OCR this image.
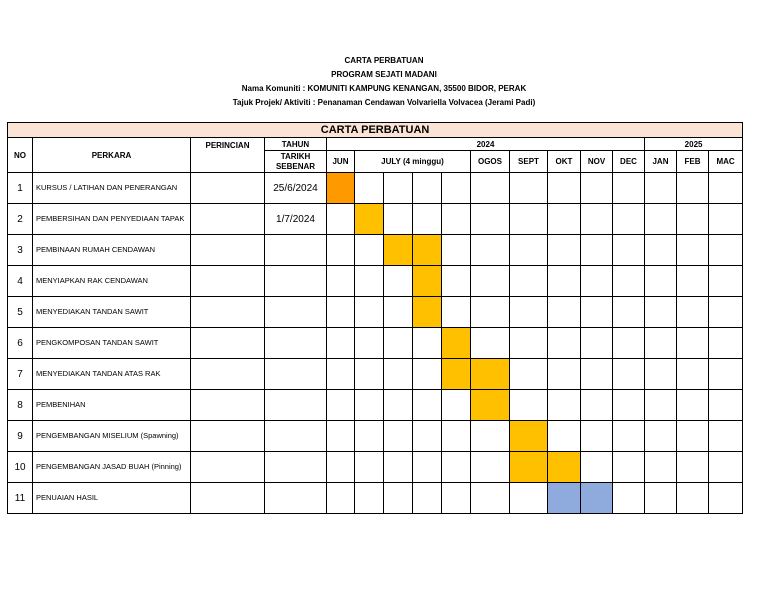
CARTA PERBATUAN
PROGRAM SEJATI MADANI
Nama Komuniti : KOMUNITI KAMPUNG KENANGAN, 35500 BIDOR, PERAK
Tajuk Projek/ Aktiviti : Penanaman Cendawan Volvariella Volvacea (Jerami Padi)
CARTA PERBATUAN																
NO	PERKARA	PERINCIAN	TAHUN	2024										2025		
			TARIKH SEBENAR	JUN	JULY (4 minggu)				OGOS	SEPT	OKT	NOV	DEC	JAN	FEB	MAC
1	KURSUS / LATIHAN DAN PENERANGAN		25/6/2024													
2	PEMBERSIHAN DAN PENYEDIAAN TAPAK		1/7/2024													
3	PEMBINAAN RUMAH CENDAWAN															
4	MENYIAPKAN RAK CENDAWAN															
5	MENYEDIAKAN TANDAN SAWIT															
6	PENGKOMPOSAN TANDAN SAWIT															
7	MENYEDIAKAN TANDAN ATAS RAK															
8	PEMBENIHAN															
9	PENGEMBANGAN MISELIUM (Spawning)															
10	PENGEMBANGAN JASAD BUAH (Pinning)															
11	PENUAIAN HASIL															
